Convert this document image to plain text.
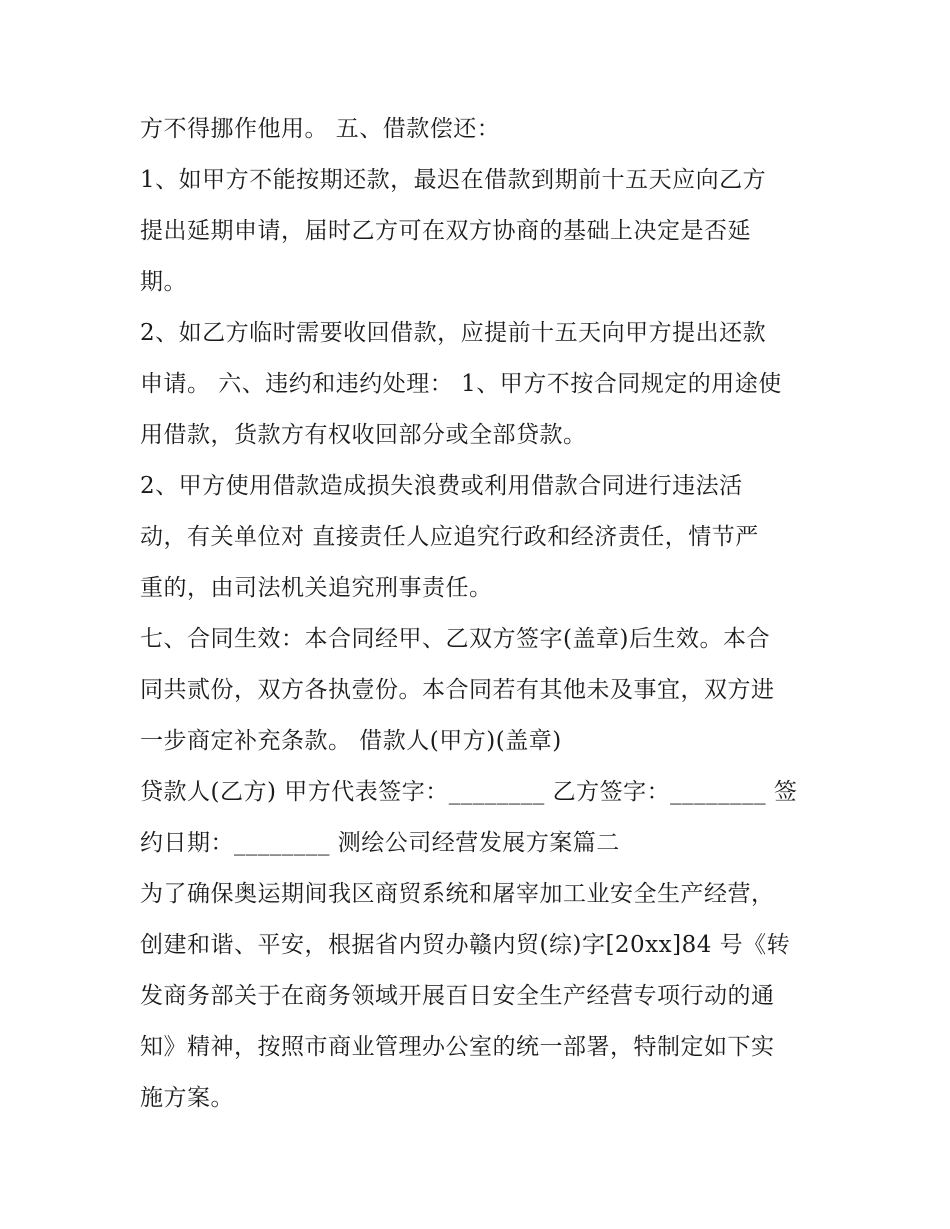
方不得挪作他用。 五、借款偿还：
1、如甲方不能按期还款，最迟在借款到期前十五天应向乙方
提出延期申请，届时乙方可在双方协商的基础上决定是否延
期。
2、如乙方临时需要收回借款，应提前十五天向甲方提出还款
申请。 六、违约和违约处理： 1、甲方不按合同规定的用途使
用借款，货款方有权收回部分或全部贷款。
2、甲方使用借款造成损失浪费或利用借款合同进行违法活
动，有关单位对 直接责任人应追究行政和经济责任，情节严
重的，由司法机关追究刑事责任。
七、合同生效：本合同经甲、乙双方签字(盖章)后生效。本合
同共贰份，双方各执壹份。本合同若有其他未及事宜，双方进
一步商定补充条款。 借款人(甲方)(盖章)
贷款人(乙方) 甲方代表签字：________ 乙方签字：________ 签
约日期：________ 测绘公司经营发展方案篇二
为了确保奥运期间我区商贸系统和屠宰加工业安全生产经营，
创建和谐、平安，根据省内贸办赣内贸(综)字[20xx]84 号《转
发商务部关于在商务领域开展百日安全生产经营专项行动的通
知》精神，按照市商业管理办公室的统一部署，特制定如下实
施方案。
